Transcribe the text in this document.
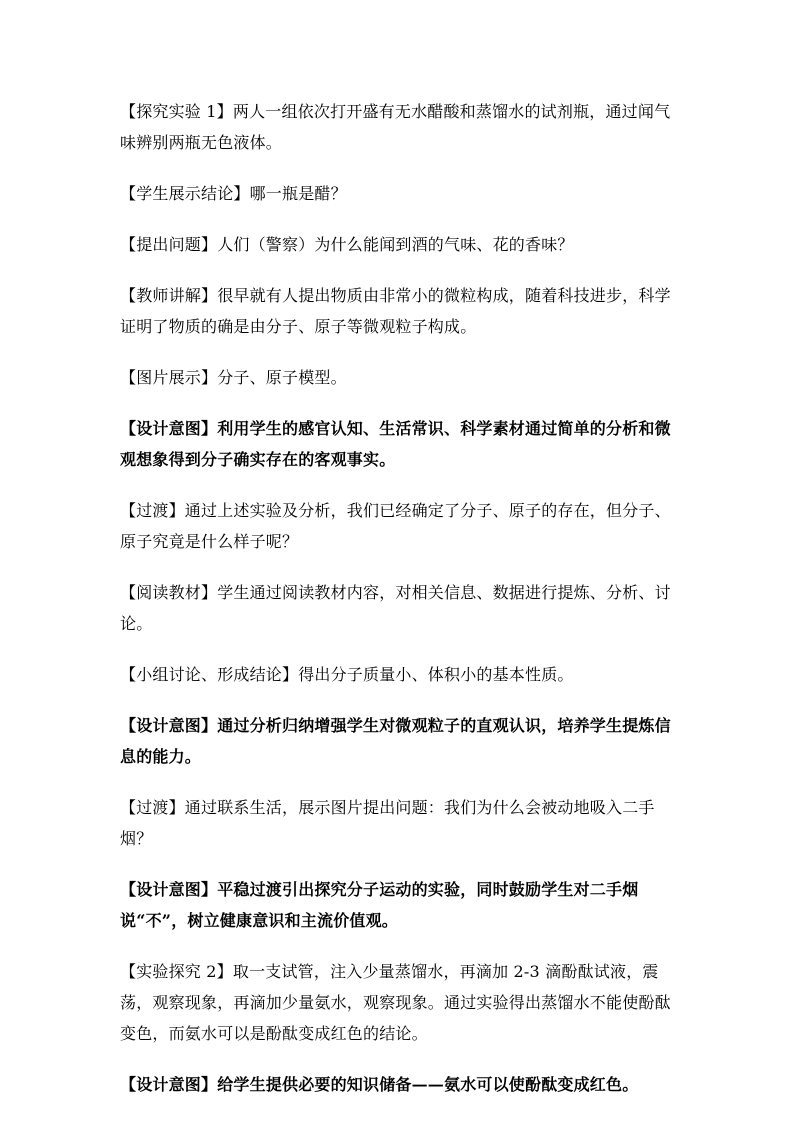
【探究实验 1】两人一组依次打开盛有无水醋酸和蒸馏水的试剂瓶，通过闻气味辨别两瓶无色液体。

【学生展示结论】哪一瓶是醋？

【提出问题】人们（警察）为什么能闻到酒的气味、花的香味？

【教师讲解】很早就有人提出物质由非常小的微粒构成，随着科技进步，科学证明了物质的确是由分子、原子等微观粒子构成。

【图片展示】分子、原子模型。

【设计意图】利用学生的感官认知、生活常识、科学素材通过简单的分析和微观想象得到分子确实存在的客观事实。

【过渡】通过上述实验及分析，我们已经确定了分子、原子的存在，但分子、原子究竟是什么样子呢？

【阅读教材】学生通过阅读教材内容，对相关信息、数据进行提炼、分析、讨论。

【小组讨论、形成结论】得出分子质量小、体积小的基本性质。

【设计意图】通过分析归纳增强学生对微观粒子的直观认识，培养学生提炼信息的能力。

【过渡】通过联系生活，展示图片提出问题：我们为什么会被动地吸入二手烟？

【设计意图】平稳过渡引出探究分子运动的实验，同时鼓励学生对二手烟说“不”，树立健康意识和主流价值观。

【实验探究 2】取一支试管，注入少量蒸馏水，再滴加 2-3 滴酚酞试液，震荡，观察现象，再滴加少量氨水，观察现象。通过实验得出蒸馏水不能使酚酞变色，而氨水可以是酚酞变成红色的结论。

【设计意图】给学生提供必要的知识储备——氨水可以使酚酞变成红色。
